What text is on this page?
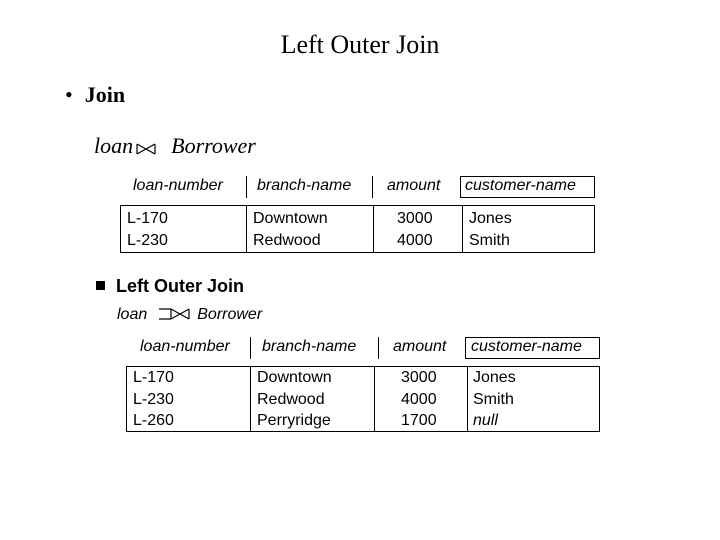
Left Outer Join
• Join
loan Borrower
loan-number branch-name amount customer-name
L-170
L-230
Downtown
Redwood
3000
4000
Jones
Smith
Left Outer Join
loan	Borrower
loan-number branch-name amount customer-name
L-170
L-230
L-260
Downtown
Redwood
Perryridge
3000
4000
1700
Jones
Smith
null
